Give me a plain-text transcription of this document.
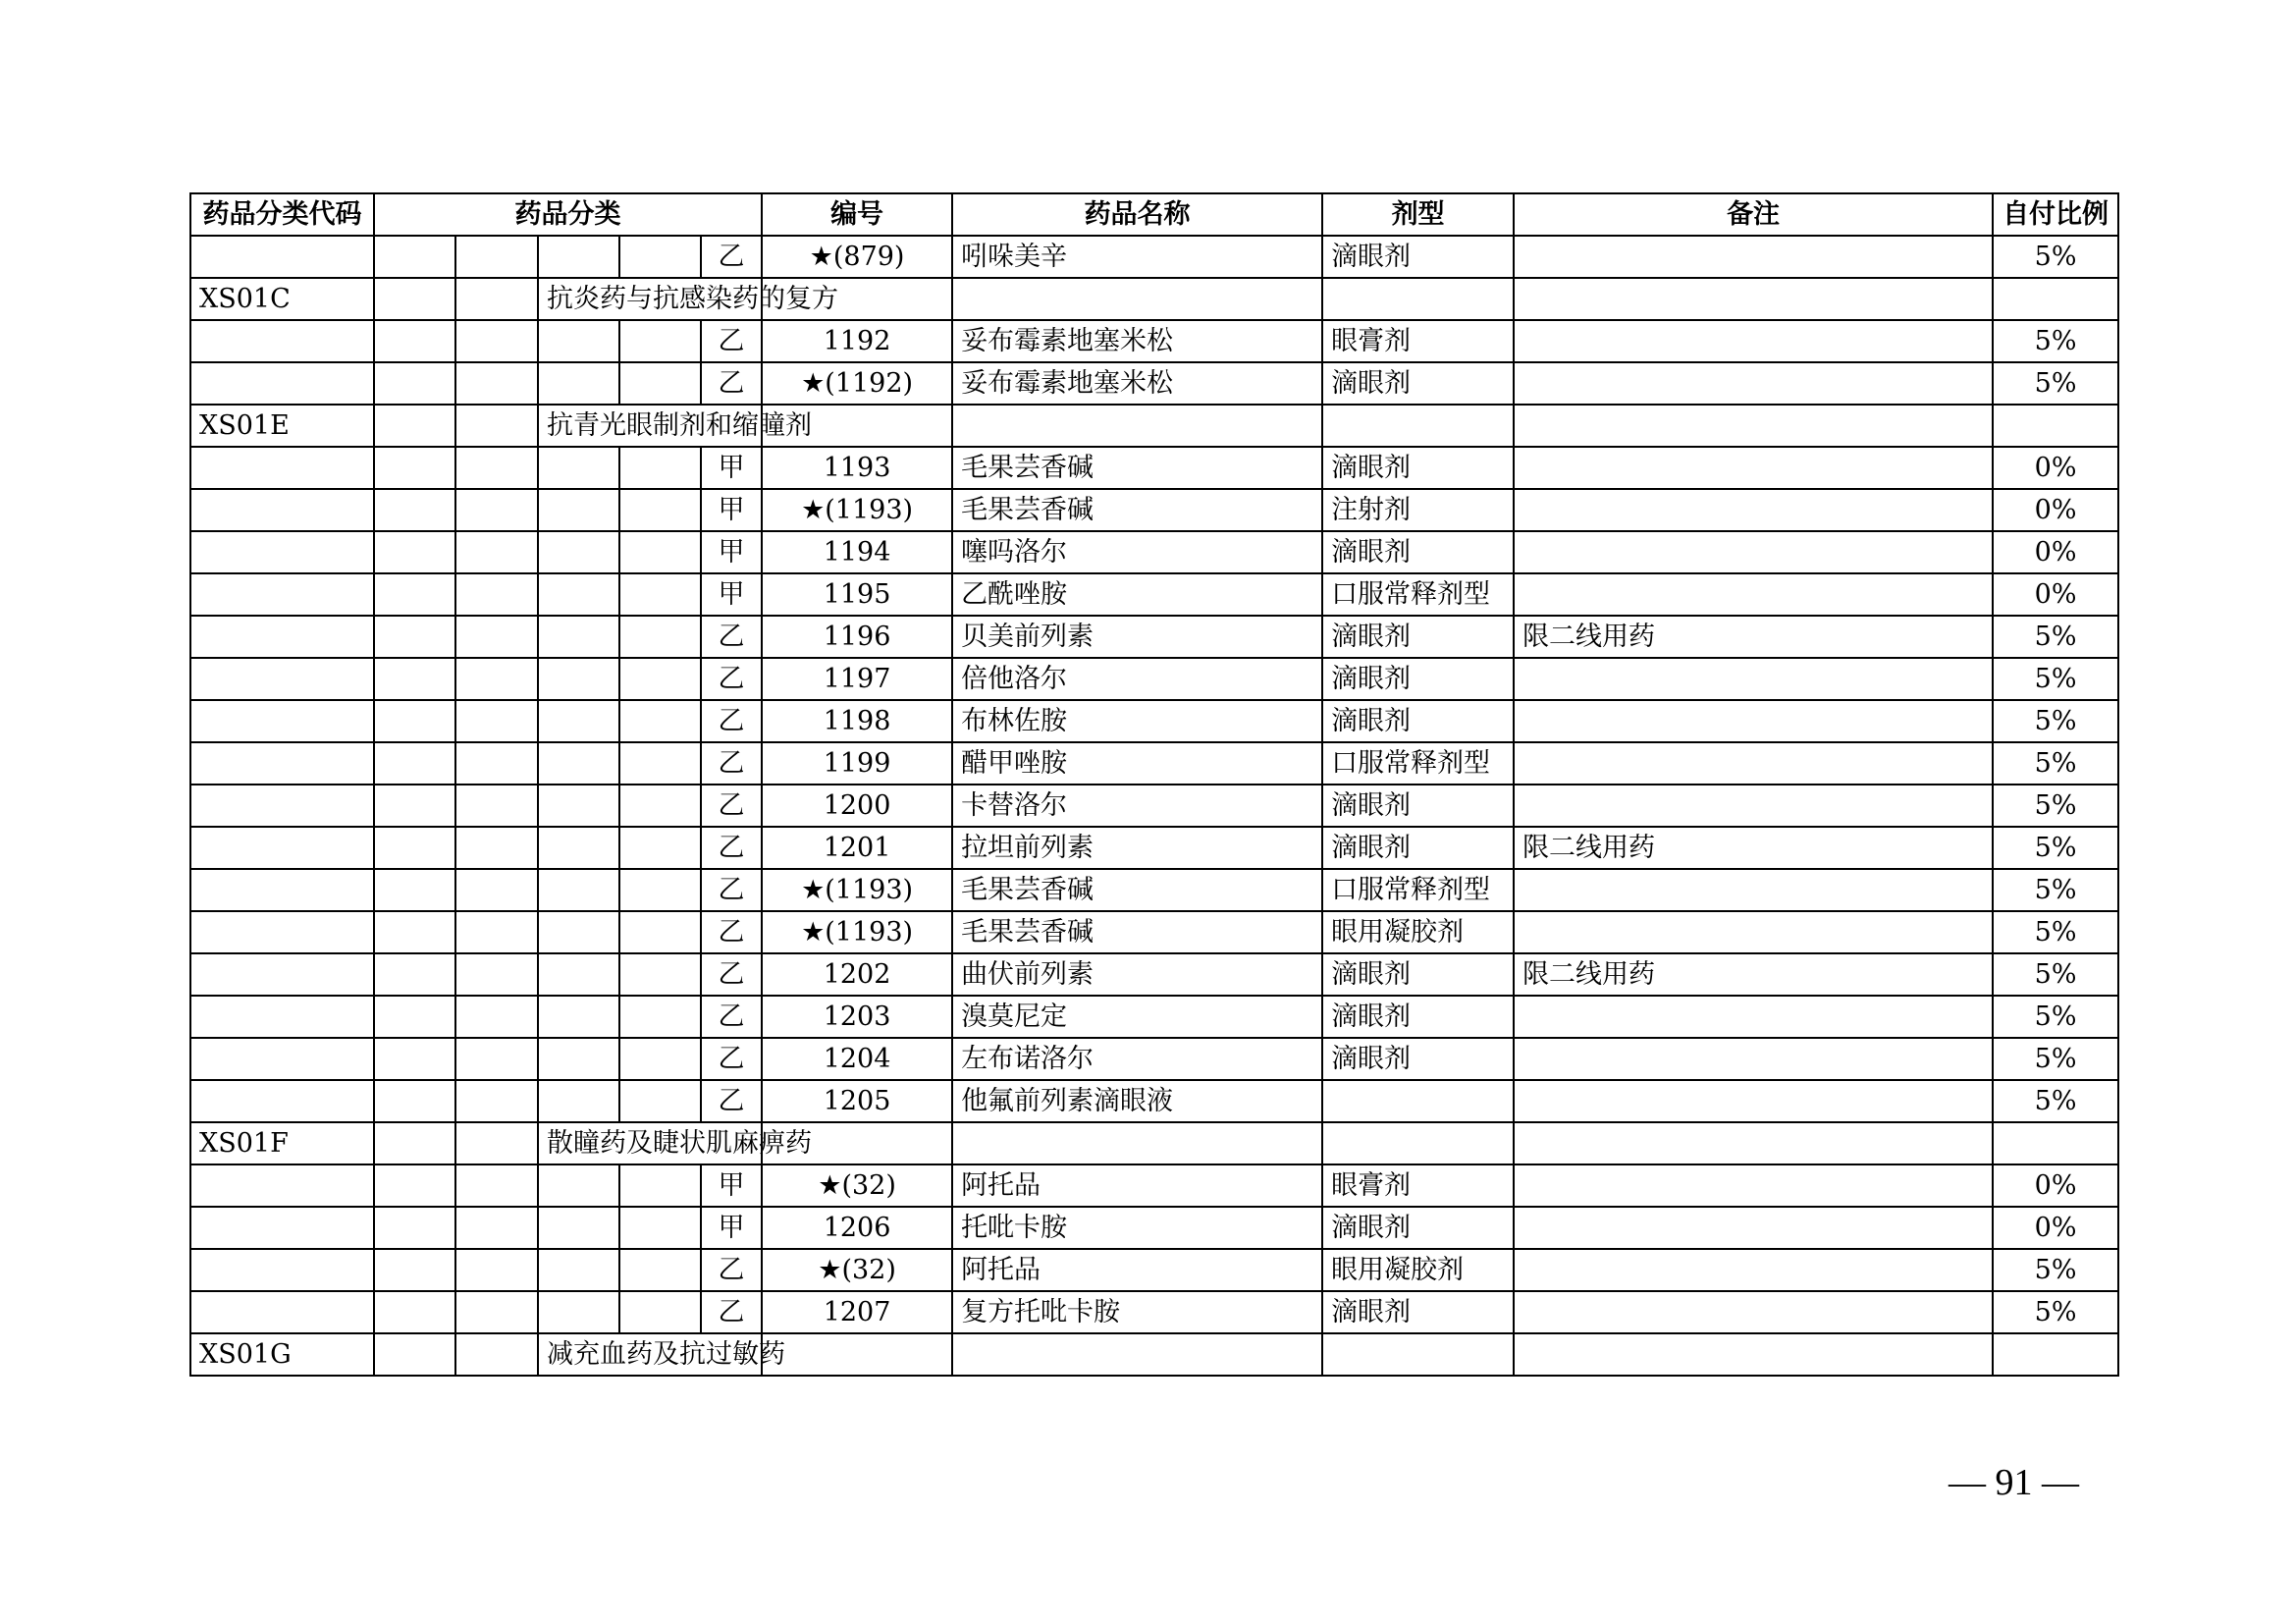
药品分类代码	药品分类					编号	药品名称	剂型	备注	自付比例
					乙	★(879)	吲哚美辛	滴眼剂		5%
XS01C			抗炎药与抗感染药的复方							
					乙	1192	妥布霉素地塞米松	眼膏剂		5%
					乙	★(1192)	妥布霉素地塞米松	滴眼剂		5%
XS01E			抗青光眼制剂和缩瞳剂							
					甲	1193	毛果芸香碱	滴眼剂		0%
					甲	★(1193)	毛果芸香碱	注射剂		0%
					甲	1194	噻吗洛尔	滴眼剂		0%
					甲	1195	乙酰唑胺	口服常释剂型		0%
					乙	1196	贝美前列素	滴眼剂	限二线用药	5%
					乙	1197	倍他洛尔	滴眼剂		5%
					乙	1198	布林佐胺	滴眼剂		5%
					乙	1199	醋甲唑胺	口服常释剂型		5%
					乙	1200	卡替洛尔	滴眼剂		5%
					乙	1201	拉坦前列素	滴眼剂	限二线用药	5%
					乙	★(1193)	毛果芸香碱	口服常释剂型		5%
					乙	★(1193)	毛果芸香碱	眼用凝胶剂		5%
					乙	1202	曲伏前列素	滴眼剂	限二线用药	5%
					乙	1203	溴莫尼定	滴眼剂		5%
					乙	1204	左布诺洛尔	滴眼剂		5%
					乙	1205	他氟前列素滴眼液			5%
XS01F			散瞳药及睫状肌麻痹药							
					甲	★(32)	阿托品	眼膏剂		0%
					甲	1206	托吡卡胺	滴眼剂		0%
					乙	★(32)	阿托品	眼用凝胶剂		5%
					乙	1207	复方托吡卡胺	滴眼剂		5%
XS01G			减充血药及抗过敏药							
— 91 —
